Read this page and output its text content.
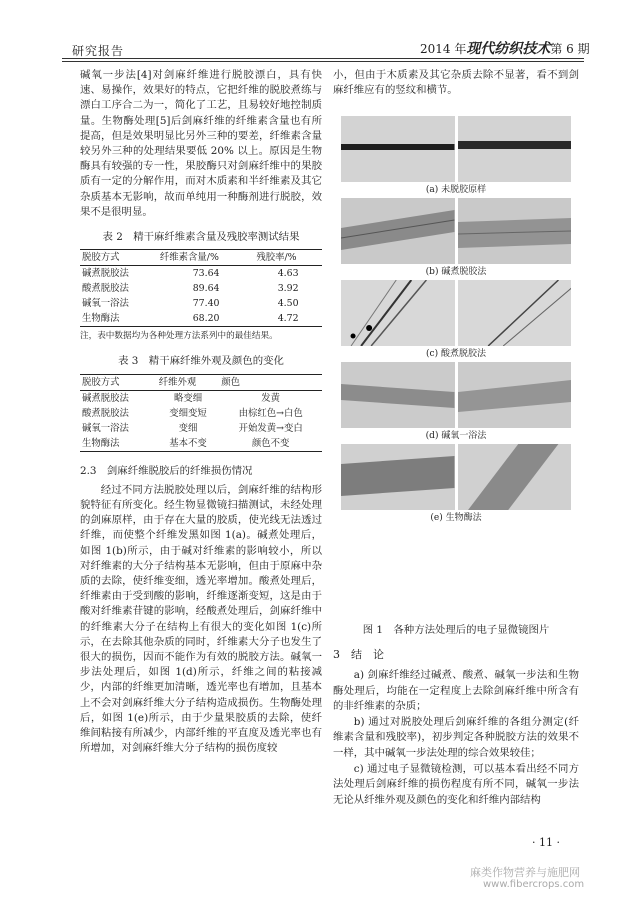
研究报告	2014 年现代纺织技术第 6 期

碱氧一步法[4]对剑麻纤维进行脱胶漂白，具有快速、易操作，效果好的特点，它把纤维的脱胶煮练与漂白工序合二为一，简化了工艺，且易较好地控制质量。生物酶处理[5]后剑麻纤维的纤维素含量也有所提高，但是效果明显比另外三种的要差，纤维素含量较另外三种的处理结果要低 20% 以上。原因是生物酶具有较强的专一性，果胶酶只对剑麻纤维中的果胶质有一定的分解作用，而对木质素和半纤维素及其它杂质基本无影响，故而单纯用一种酶剂进行脱胶，效果不是很明显。

表 2　精干麻纤维素含量及残胶率测试结果
脱胶方式	纤维素含量/%	残胶率/%
碱煮脱胶法	73.64	4.63
酸煮脱胶法	89.64	3.92
碱氧一浴法	77.40	4.50
生物酶法	68.20	4.72
注，表中数据均为各种处理方法系列中的最佳结果。
表 3　精干麻纤维外观及颜色的变化
脱胶方式	纤维外观	颜色
碱煮脱胶法	略变细	发黄
酸煮脱胶法	变细变短	由棕红色→白色
碱氧一浴法	变细	开始发黄→变白
生物酶法	基本不变	颜色不变
2.3　剑麻纤维脱胶后的纤维损伤情况

经过不同方法脱胶处理以后，剑麻纤维的结构形貌特征有所变化。经生物显微镜扫描测试，未经处理的剑麻原样，由于存在大量的胶质，使光线无法透过纤维，而使整个纤维发黑如图 1(a)。碱煮处理后，如图 1(b)所示，由于碱对纤维素的影响较小，所以对纤维素的大分子结构基本无影响，但由于原麻中杂质的去除，使纤维变细，透光率增加。酸煮处理后，纤维素由于受到酸的影响，纤维逐渐变短，这是由于酸对纤维素苷键的影响，经酸煮处理后，剑麻纤维中的纤维素大分子在结构上有很大的变化如图 1(c)所示，在去除其他杂质的同时，纤维素大分子也发生了很大的损伤，因而不能作为有效的脱胶方法。碱氧一步法处理后，如图 1(d)所示，纤维之间的粘接减少，内部的纤维更加清晰，透光率也有增加，且基本上不会对剑麻纤维大分子结构造成损伤。生物酶处理后，如图 1(e)所示，由于少量果胶质的去除，使纤维间粘接有所减少，内部纤维的平直度及透光率也有所增加，对剑麻纤维大分子结构的损伤度较

小，但由于木质素及其它杂质去除不显著，看不到剑麻纤维应有的竖纹和横节。

(a) 未脱胶原样
(b) 碱煮脱胶法
(c) 酸煮脱胶法
(d) 碱氧一浴法
(e) 生物酶法
图 1　各种方法处理后的电子显微镜图片
3　结　论

a) 剑麻纤维经过碱煮、酸煮、碱氧一步法和生物酶处理后，均能在一定程度上去除剑麻纤维中所含有的非纤维素的杂质；

b) 通过对脱胶处理后剑麻纤维的各组分测定(纤维素含量和残胶率)，初步判定各种脱胶方法的效果不一样，其中碱氧一步法处理的综合效果较佳；

c) 通过电子显微镜检测，可以基本看出经不同方法处理后剑麻纤维的损伤程度有所不同，碱氧一步法无论从纤维外观及颜色的变化和纤维内部结构

· 11 ·
麻类作物营养与施肥网
www.fibercrops.com
